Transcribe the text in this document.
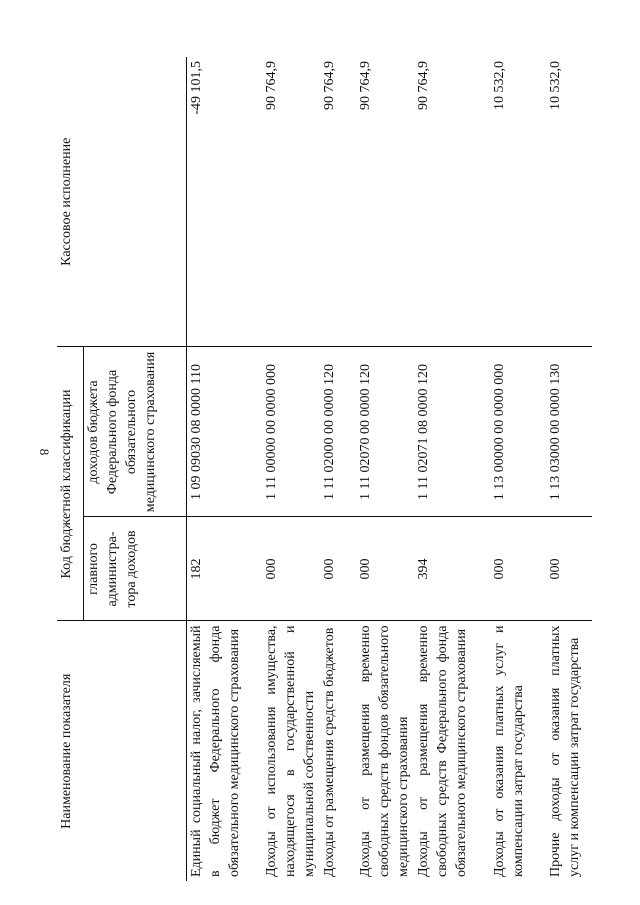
8
Наименование показателя	Код бюджетной классификации		Кассовое исполнение
	главного администра-тора доходов	доходов бюджета Федерального фонда обязательного медицинского страхования	
Единый социальный налог, зачисляемый в бюджет Федерального фонда обязательного медицинского страхования	182	1 09 09030 08 0000 110	-49 101,5
Доходы от использования имущества, находящегося в государственной и муниципальной собственности	000	1 11 00000 00 0000 000	90 764,9
Доходы от размещения средств бюджетов	000	1 11 02000 00 0000 120	90 764,9
Доходы от размещения временно свободных средств фондов обязательного медицинского страхования	000	1 11 02070 00 0000 120	90 764,9
Доходы от размещения временно свободных средств Федерального фонда обязательного медицинского страхования	394	1 11 02071 08 0000 120	90 764,9
Доходы от оказания платных услуг и компенсации затрат государства	000	1 13 00000 00 0000 000	10 532,0
Прочие доходы от оказания платных услуг и компенсации затрат государства	000	1 13 03000 00 0000 130	10 532,0
